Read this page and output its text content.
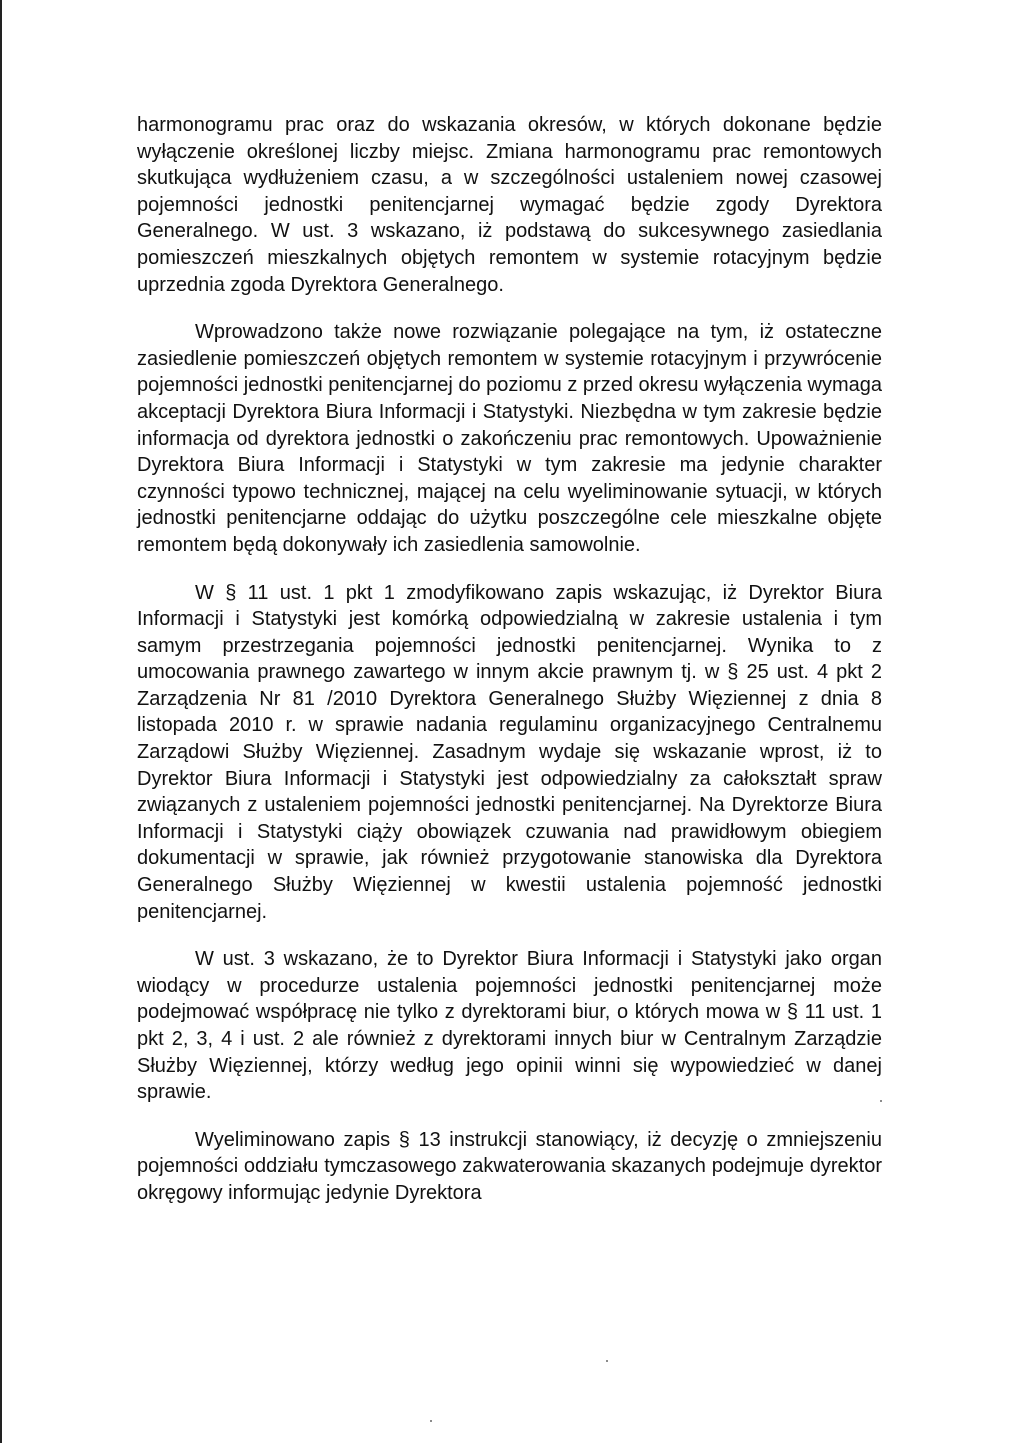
harmonogramu prac oraz do wskazania okresów, w których dokonane będzie wyłączenie określonej liczby miejsc. Zmiana harmonogramu prac remontowych skutkująca wydłużeniem czasu, a w szczególności ustaleniem nowej czasowej pojemności jednostki penitencjarnej wymagać będzie zgody Dyrektora Generalnego. W ust. 3 wskazano, iż podstawą do sukcesywnego zasiedlania pomieszczeń mieszkalnych objętych remontem w systemie rotacyjnym będzie uprzednia zgoda Dyrektora Generalnego.

Wprowadzono także nowe rozwiązanie polegające na tym, iż ostateczne zasiedlenie pomieszczeń objętych remontem w systemie rotacyjnym i przywrócenie pojemności jednostki penitencjarnej do poziomu z przed okresu wyłączenia wymaga akceptacji Dyrektora Biura Informacji i Statystyki. Niezbędna w tym zakresie będzie informacja od dyrektora jednostki o zakończeniu prac remontowych. Upoważnienie Dyrektora Biura Informacji i Statystyki w tym zakresie ma jedynie charakter czynności typowo technicznej, mającej na celu wyeliminowanie sytuacji, w których jednostki penitencjarne oddając do użytku poszczególne cele mieszkalne objęte remontem będą dokonywały ich zasiedlenia samowolnie.

W § 11 ust. 1 pkt 1 zmodyfikowano zapis wskazując, iż Dyrektor Biura Informacji i Statystyki jest komórką odpowiedzialną w zakresie ustalenia i tym samym przestrzegania pojemności jednostki penitencjarnej. Wynika to z umocowania prawnego zawartego w innym akcie prawnym tj. w § 25 ust. 4 pkt 2 Zarządzenia Nr 81 /2010 Dyrektora Generalnego Służby Więziennej z dnia 8 listopada 2010 r. w sprawie nadania regulaminu organizacyjnego Centralnemu Zarządowi Służby Więziennej. Zasadnym wydaje się wskazanie wprost, iż to Dyrektor Biura Informacji i Statystyki jest odpowiedzialny za całokształt spraw związanych z ustaleniem pojemności jednostki penitencjarnej. Na Dyrektorze Biura Informacji i Statystyki ciąży obowiązek czuwania nad prawidłowym obiegiem dokumentacji w sprawie, jak również przygotowanie stanowiska dla Dyrektora Generalnego Służby Więziennej w kwestii ustalenia pojemność jednostki penitencjarnej.

W ust. 3 wskazano, że to Dyrektor Biura Informacji i Statystyki jako organ wiodący w procedurze ustalenia pojemności jednostki penitencjarnej może podejmować współpracę nie tylko z dyrektorami biur, o których mowa w § 11 ust. 1 pkt 2, 3, 4 i ust. 2 ale również z dyrektorami innych biur w Centralnym Zarządzie Służby Więziennej, którzy według jego opinii winni się wypowiedzieć w danej sprawie.

Wyeliminowano zapis § 13 instrukcji stanowiący, iż decyzję o zmniejszeniu pojemności oddziału tymczasowego zakwaterowania skazanych podejmuje dyrektor okręgowy informując jedynie Dyrektora
